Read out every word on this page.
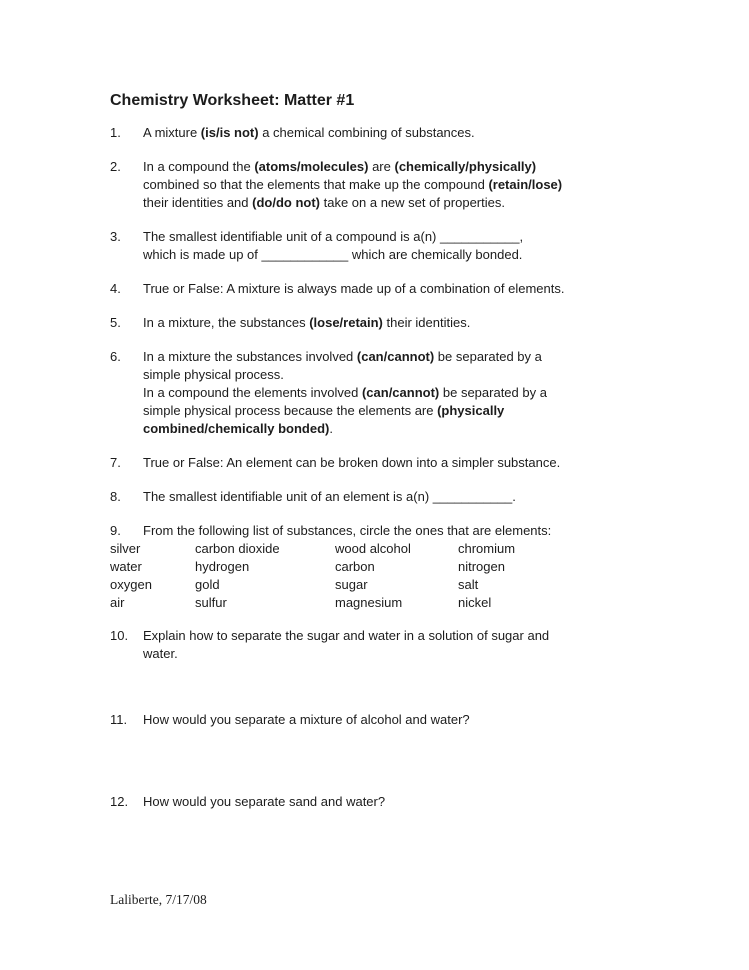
Chemistry Worksheet: Matter #1
1.	A mixture (is/is not) a chemical combining of substances.
2.	In a compound the (atoms/molecules) are (chemically/physically)
combined so that the elements that make up the compound (retain/lose)
their identities and (do/do not) take on a new set of properties.
3.	The smallest identifiable unit of a compound is a(n) ___________,
which is made up of ____________ which are chemically bonded.
4.	True or False: A mixture is always made up of a combination of elements.
5.	In a mixture, the substances (lose/retain) their identities.
6.	In a mixture the substances involved (can/cannot) be separated by a
simple physical process.
In a compound the elements involved (can/cannot) be separated by a
simple physical process because the elements are (physically
combined/chemically bonded).
7.	True or False: An element can be broken down into a simpler substance.
8.	The smallest identifiable unit of an element is a(n) ___________.
9.	From the following list of substances, circle the ones that are elements:
silver	carbon dioxide	wood alcohol	chromium
water	hydrogen	carbon	nitrogen
oxygen	gold	sugar	salt
air	sulfur	magnesium	nickel
10.	Explain how to separate the sugar and water in a solution of sugar and
water.
11.	How would you separate a mixture of alcohol and water?
12.	How would you separate sand and water?
Laliberte, 7/17/08
